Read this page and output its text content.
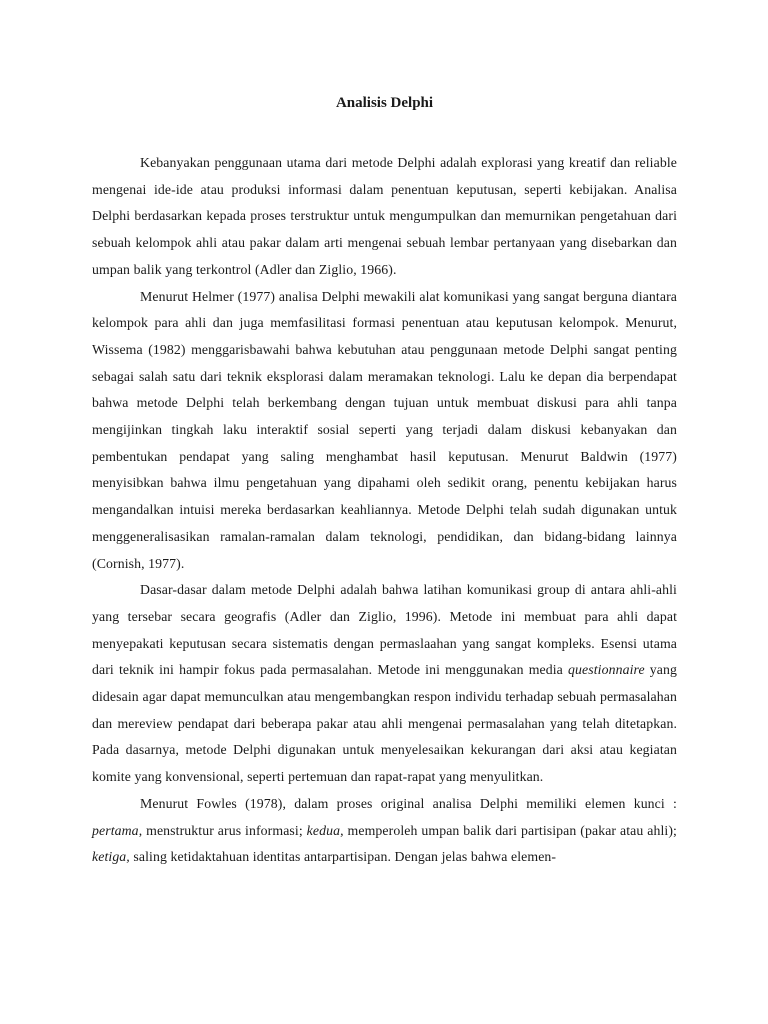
Analisis Delphi

Kebanyakan penggunaan utama dari metode Delphi adalah explorasi yang kreatif dan reliable mengenai ide-ide atau produksi informasi dalam penentuan keputusan, seperti kebijakan. Analisa Delphi berdasarkan kepada proses terstruktur untuk mengumpulkan dan memurnikan pengetahuan dari sebuah kelompok ahli atau pakar dalam arti mengenai sebuah lembar pertanyaan yang disebarkan dan umpan balik yang terkontrol (Adler dan Ziglio, 1966).

Menurut Helmer (1977) analisa Delphi mewakili alat komunikasi yang sangat berguna diantara kelompok para ahli dan juga memfasilitasi formasi penentuan atau keputusan kelompok. Menurut, Wissema (1982) menggarisbawahi bahwa kebutuhan atau penggunaan metode Delphi sangat penting sebagai salah satu dari teknik eksplorasi dalam meramakan teknologi. Lalu ke depan dia berpendapat bahwa metode Delphi telah berkembang dengan tujuan untuk membuat diskusi para ahli tanpa mengijinkan tingkah laku interaktif sosial seperti yang terjadi dalam diskusi kebanyakan dan pembentukan pendapat yang saling menghambat hasil keputusan. Menurut Baldwin (1977) menyisibkan bahwa ilmu pengetahuan yang dipahami oleh sedikit orang, penentu kebijakan harus mengandalkan intuisi mereka berdasarkan keahliannya. Metode Delphi telah sudah digunakan untuk menggeneralisasikan ramalan-ramalan dalam teknologi, pendidikan, dan bidang-bidang lainnya (Cornish, 1977).

Dasar-dasar dalam metode Delphi adalah bahwa latihan komunikasi group di antara ahli-ahli yang tersebar secara geografis (Adler dan Ziglio, 1996). Metode ini membuat para ahli dapat menyepakati keputusan secara sistematis dengan permaslaahan yang sangat kompleks. Esensi utama dari teknik ini hampir fokus pada permasalahan. Metode ini menggunakan media questionnaire yang didesain agar dapat memunculkan atau mengembangkan respon individu terhadap sebuah permasalahan dan mereview pendapat dari beberapa pakar atau ahli mengenai permasalahan yang telah ditetapkan. Pada dasarnya, metode Delphi digunakan untuk menyelesaikan kekurangan dari aksi atau kegiatan komite yang konvensional, seperti pertemuan dan rapat-rapat yang menyulitkan.

Menurut Fowles (1978), dalam proses original analisa Delphi memiliki elemen kunci : pertama, menstruktur arus informasi; kedua, memperoleh umpan balik dari partisipan (pakar atau ahli); ketiga, saling ketidaktahuan identitas antarpartisipan. Dengan jelas bahwa elemen-
